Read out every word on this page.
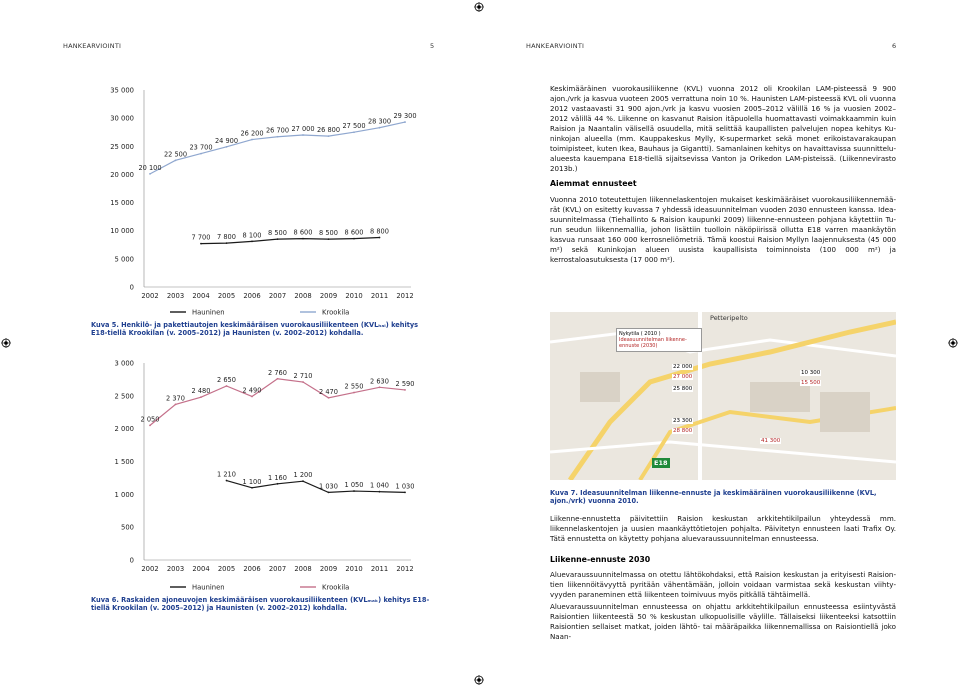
HANKEARVIOINTI	5	HANKEARVIOINTI	6
0
5 000
10 000
15 000
20 000
25 000
30 000
35 000
2002 2003 2004 2005 2006 2007 2008 2009 2010 2011 2012
7 700 7 800 8 100 8 500 8 600 8 500 8 600 8 800
Hauninen
20 100
22 500
23 700
24 900
26 200 26 700 27 000 26 800 27 500
28 300
29 300
Krookila
0
500
1 000
1 500
2 000
2 500
3 000
2002 2003 2004 2005 2006 2007 2008 2009 2010 2011 2012
1 210
1 100 1 160 1 200
1 030 1 050 1 040 1 030
Hauninen
2 050
2 370
2 480
2 650
2 490
2 760 2 710
2 470
2 550
2 630 2 590
Krookila
Kuva 5. Henkilö- ja pakettiautojen keskimääräisen vuorokausiliikenteen (KVLₕₐₗ) kehitys E18-tiellä Krookilan (v. 2005–2012) ja Haunisten (v. 2002–2012) kohdalla.
Kuva 6. Raskaiden ajoneuvojen keskimääräisen vuorokausiliikenteen (KVLₘₐₖ) kehitys E18-tiellä Krookilan (v. 2005–2012) ja Haunisten (v. 2002–2012) kohdalla.
Keskimääräinen vuorokausiliikenne (KVL) vuonna 2012 oli Krookilan LAM-pisteessä 9 900 ajon./vrk ja kasvua vuoteen 2005 verrattuna noin 10 %. Haunisten LAM-pisteessä KVL oli vuonna 2012 vastaavasti 31 900 ajon./vrk ja kasvu vuosien 2005–2012 välillä 16 % ja vuosien 2002–2012 välillä 44 %. Liikenne on kasvanut Raision itäpuolella huomattavasti voimakkaammin kuin Raision ja Naantalin välisellä osuudella, mitä selittää kaupallisten palvelujen nopea kehitys Kuninkojan alueella (mm. Kauppakeskus Mylly, K-supermarket sekä monet erikoistavarakaupan toimipisteet, kuten Ikea, Bauhaus ja Gigantti). Samanlainen kehitys on havaittavissa suunnittelualueesta kauempana E18-tiellä sijaitsevissa Vanton ja Orikedon LAM-pisteissä. (Liikennevirasto 2013b.)
Aiemmat ennusteet
Vuonna 2010 toteutettujen liikennelaskentojen mukaiset keskimääräiset vuorokausiliikennemäärät (KVL) on esitetty kuvassa 7 yhdessä ideasuunnitelman vuoden 2030 ennusteen kanssa. Ideasuunnitelmassa (Tiehallinto & Raision kaupunki 2009) liikenne-ennusteen pohjana käytettiin Turun seudun liikennemallia, johon lisättiin tuolloin näköpiirissä ollutta E18 varren maankäytön kasvua runsaat 160 000 kerrosneliömetriä. Tämä koostui Raision Myllyn laajennuksesta (45 000 m²) sekä Kuninkojan alueen uusista kaupallisista toiminnoista (100 000 m²) ja kerrostaloasutuksesta (17 000 m²).
Petteripelto
Nykytila ( 2010 )
Ideasuunnitelman liikenne-ennuste (2030)
E18
22 000
27 000
25 800
23 300
28 800
10 300
15 500
41 300
Kuva 7. Ideasuunnitelman liikenne-ennuste ja keskimääräinen vuorokausiliikenne (KVL, ajon./vrk) vuonna 2010.
Liikenne-ennustetta päivitettiin Raision keskustan arkkitehtikilpailun yhteydessä mm. liikennelaskentojen ja uusien maankäyttötietojen pohjalta. Päivitetyn ennusteen laati Trafix Oy. Tätä ennustetta on käytetty pohjana aluevaraussuunnitelman ennusteessa.
Liikenne-ennuste 2030
Aluevaraussuunnitelmassa on otettu lähtökohdaksi, että Raision keskustan ja erityisesti Raisiontien liikennöitävyyttä pyritään vähentämään, jolloin voidaan varmistaa sekä keskustan viihtyvyyden paraneminen että liikenteen toimivuus myös pitkällä tähtäimellä.
Aluevaraussuunnitelman ennusteessa on ohjattu arkkitehtikilpailun ennusteessa esiintyvästä Raisiontien liikenteestä 50 % keskustan ulkopuolisille väylille. Tällaiseksi liikenteeksi katsottiin Raisiontien sellaiset matkat, joiden lähtö- tai määräpaikka liikennemallissa on Raisiontiellä joko Naan-
